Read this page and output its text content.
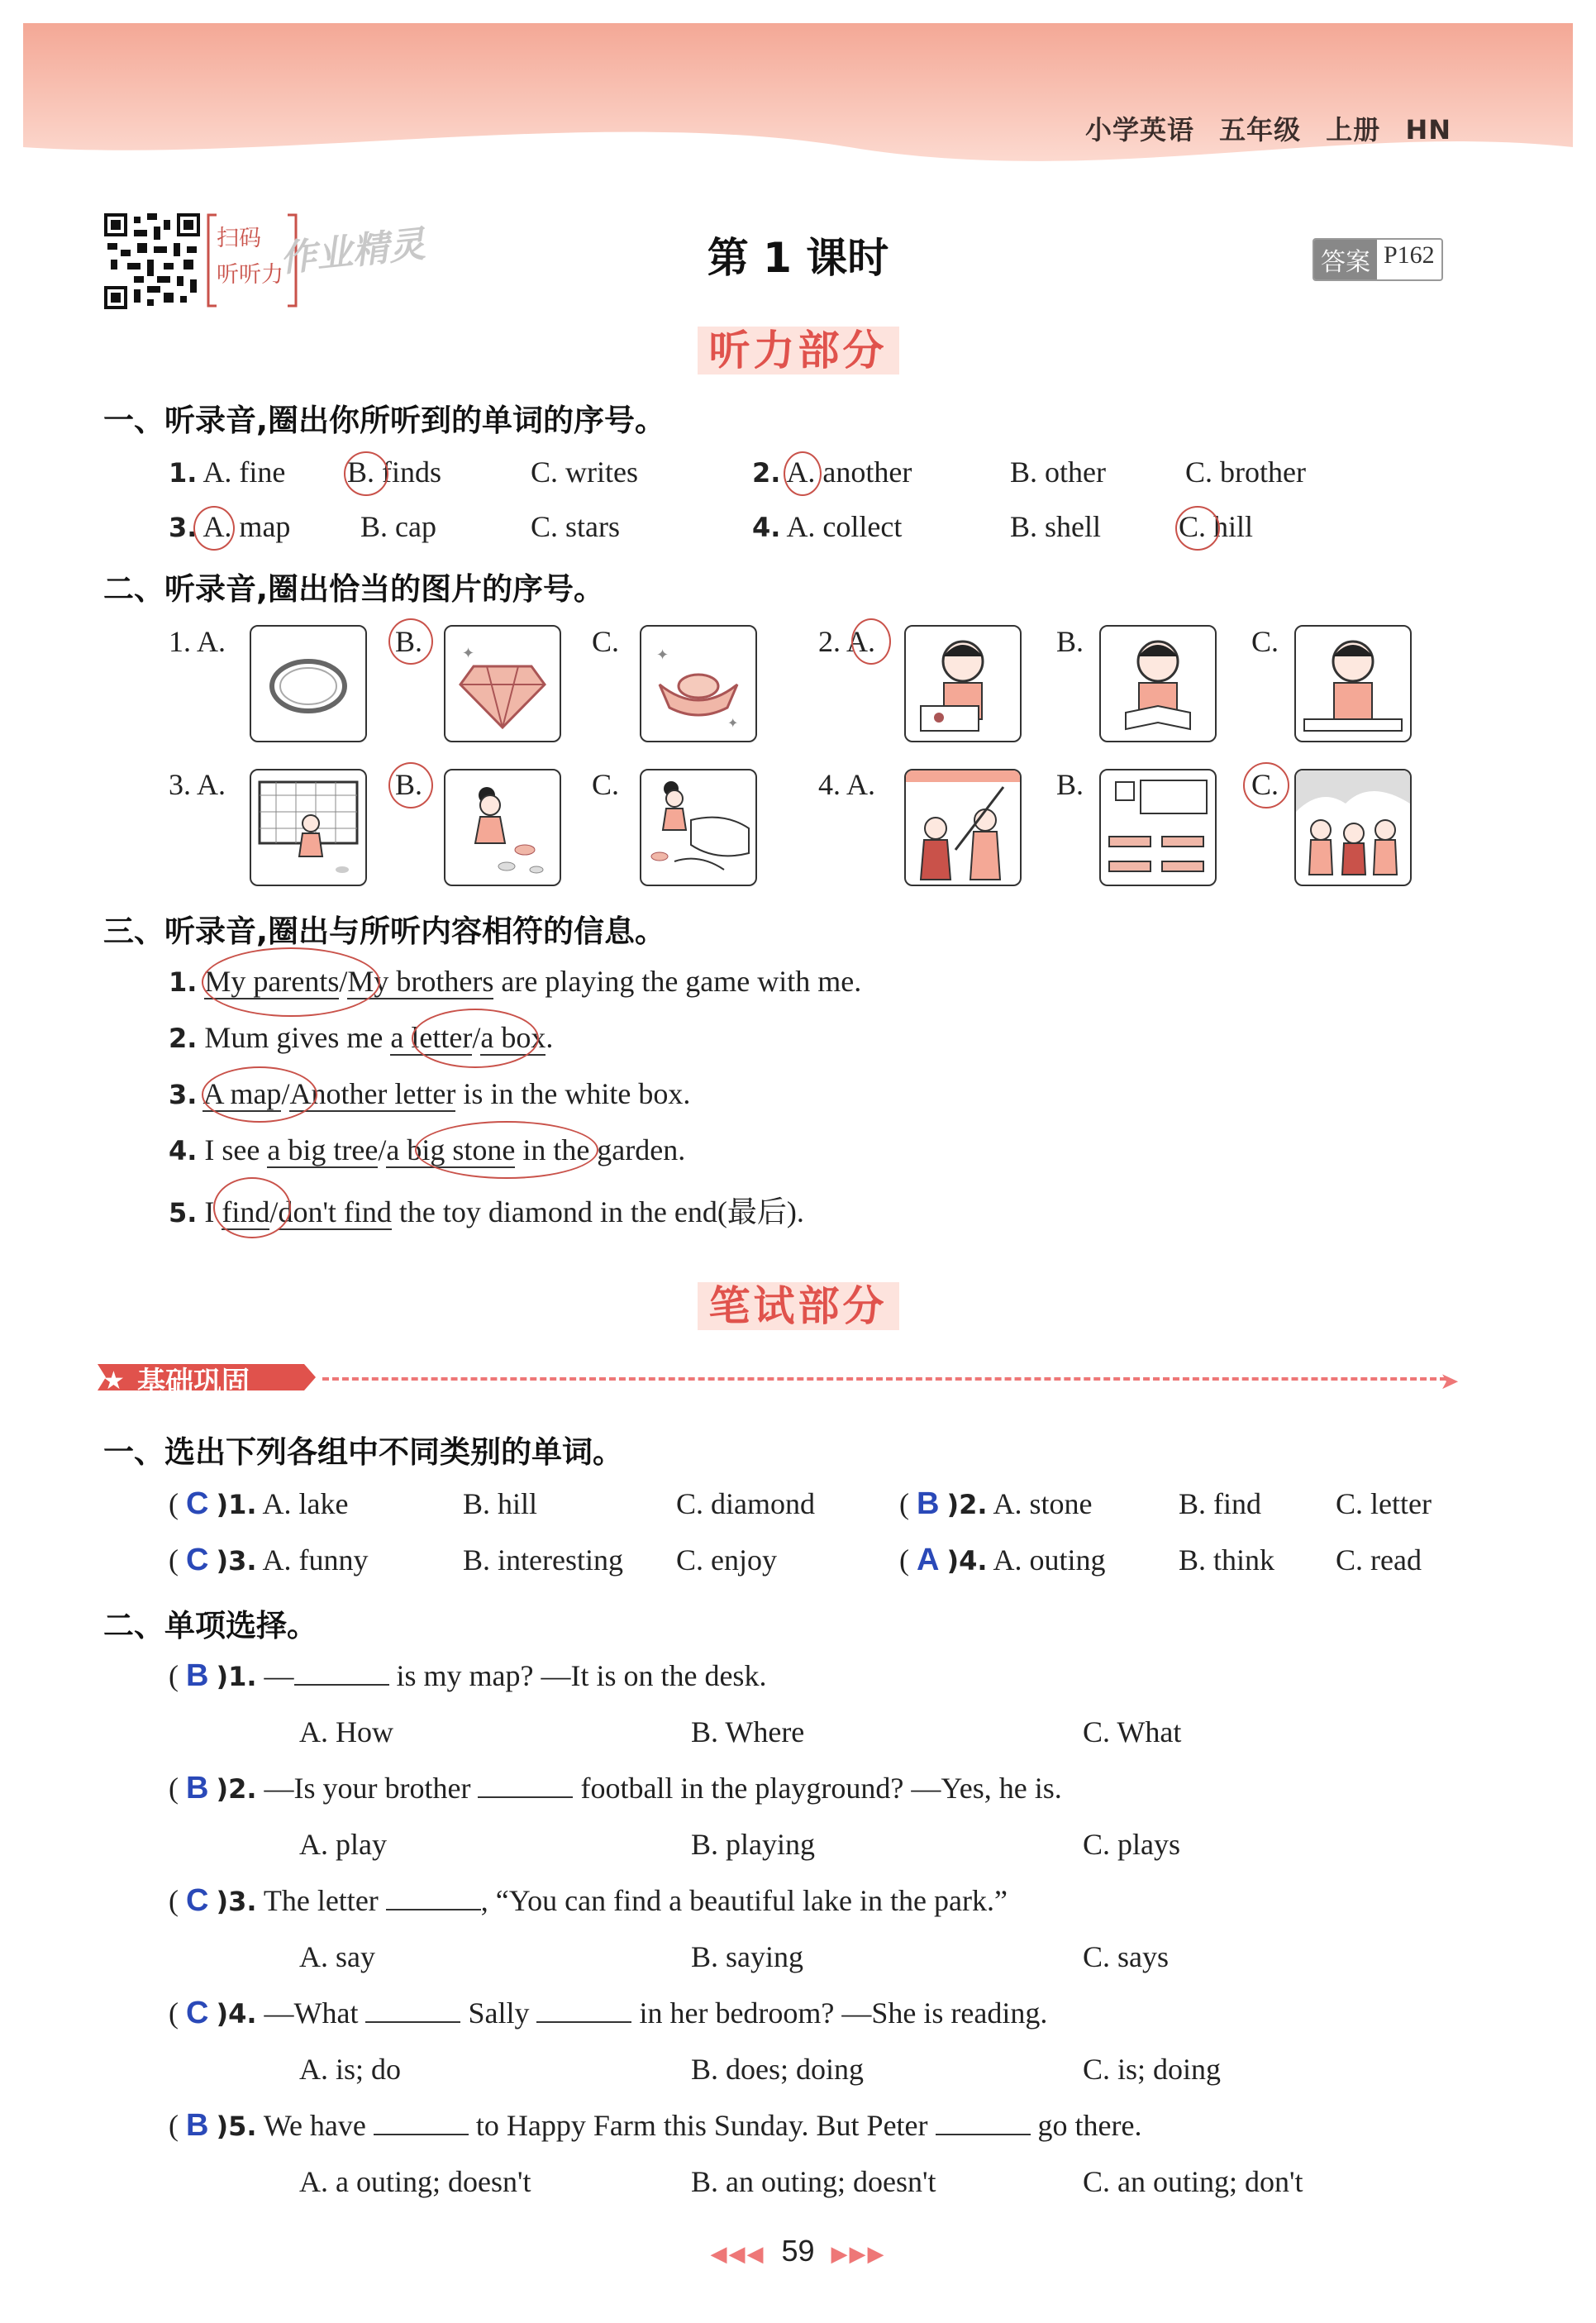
小学英语 五年级 上册 HN
扫码
听听力
作业精灵	第 1 课时	答案 P162
听力部分
一、听录音,圈出你所听到的单词的序号。
1. A. fine B. finds	C. writes	2. A. another	B. other	C. brother
3. A. map B. cap	C. stars	4. A. collect	B. shell	C. hill
二、听录音,圈出恰当的图片的序号。
1. A.	B.	✦	C. ✦
✦
2. A.	B.	C.
3. A.	B.	C.	4. A.	B.	C.
三、听录音,圈出与所听内容相符的信息。
1. My parents/My brothers are playing the game with me.
2. Mum gives me a letter/a box.
3. A map/Another letter is in the white box.
4. I see a big tree/a big stone in the garden.
5. I find/don't find the toy diamond in the end(最后).
笔试部分
★ 基础巩固	➤
一、选出下列各组中不同类别的单词。
( C )1. A. lake	B. hill	C. diamond	( B )2. A. stone	B. find C. letter
( C )3. A. funny	B. interesting C. enjoy	( A )4. A. outing B. think C. read
二、单项选择。
( B )1. —	is my map? —It is on the desk.
A. How	B. Where	C. What
( B )2. —Is your brother	football in the playground? —Yes, he is.
A. play	B. playing	C. plays
( C )3. The letter	, “You can find a beautiful lake in the park.”
A. say	B. saying	C. says
( C )4. —What	Sally	in her bedroom? —She is reading.
A. is; do	B. does; doing	C. is; doing
( B )5. We have	to Happy Farm this Sunday. But Peter	go there.
A. a outing; doesn't	B. an outing; doesn't	C. an outing; don't
◀◀◀ 59 ▶▶▶
